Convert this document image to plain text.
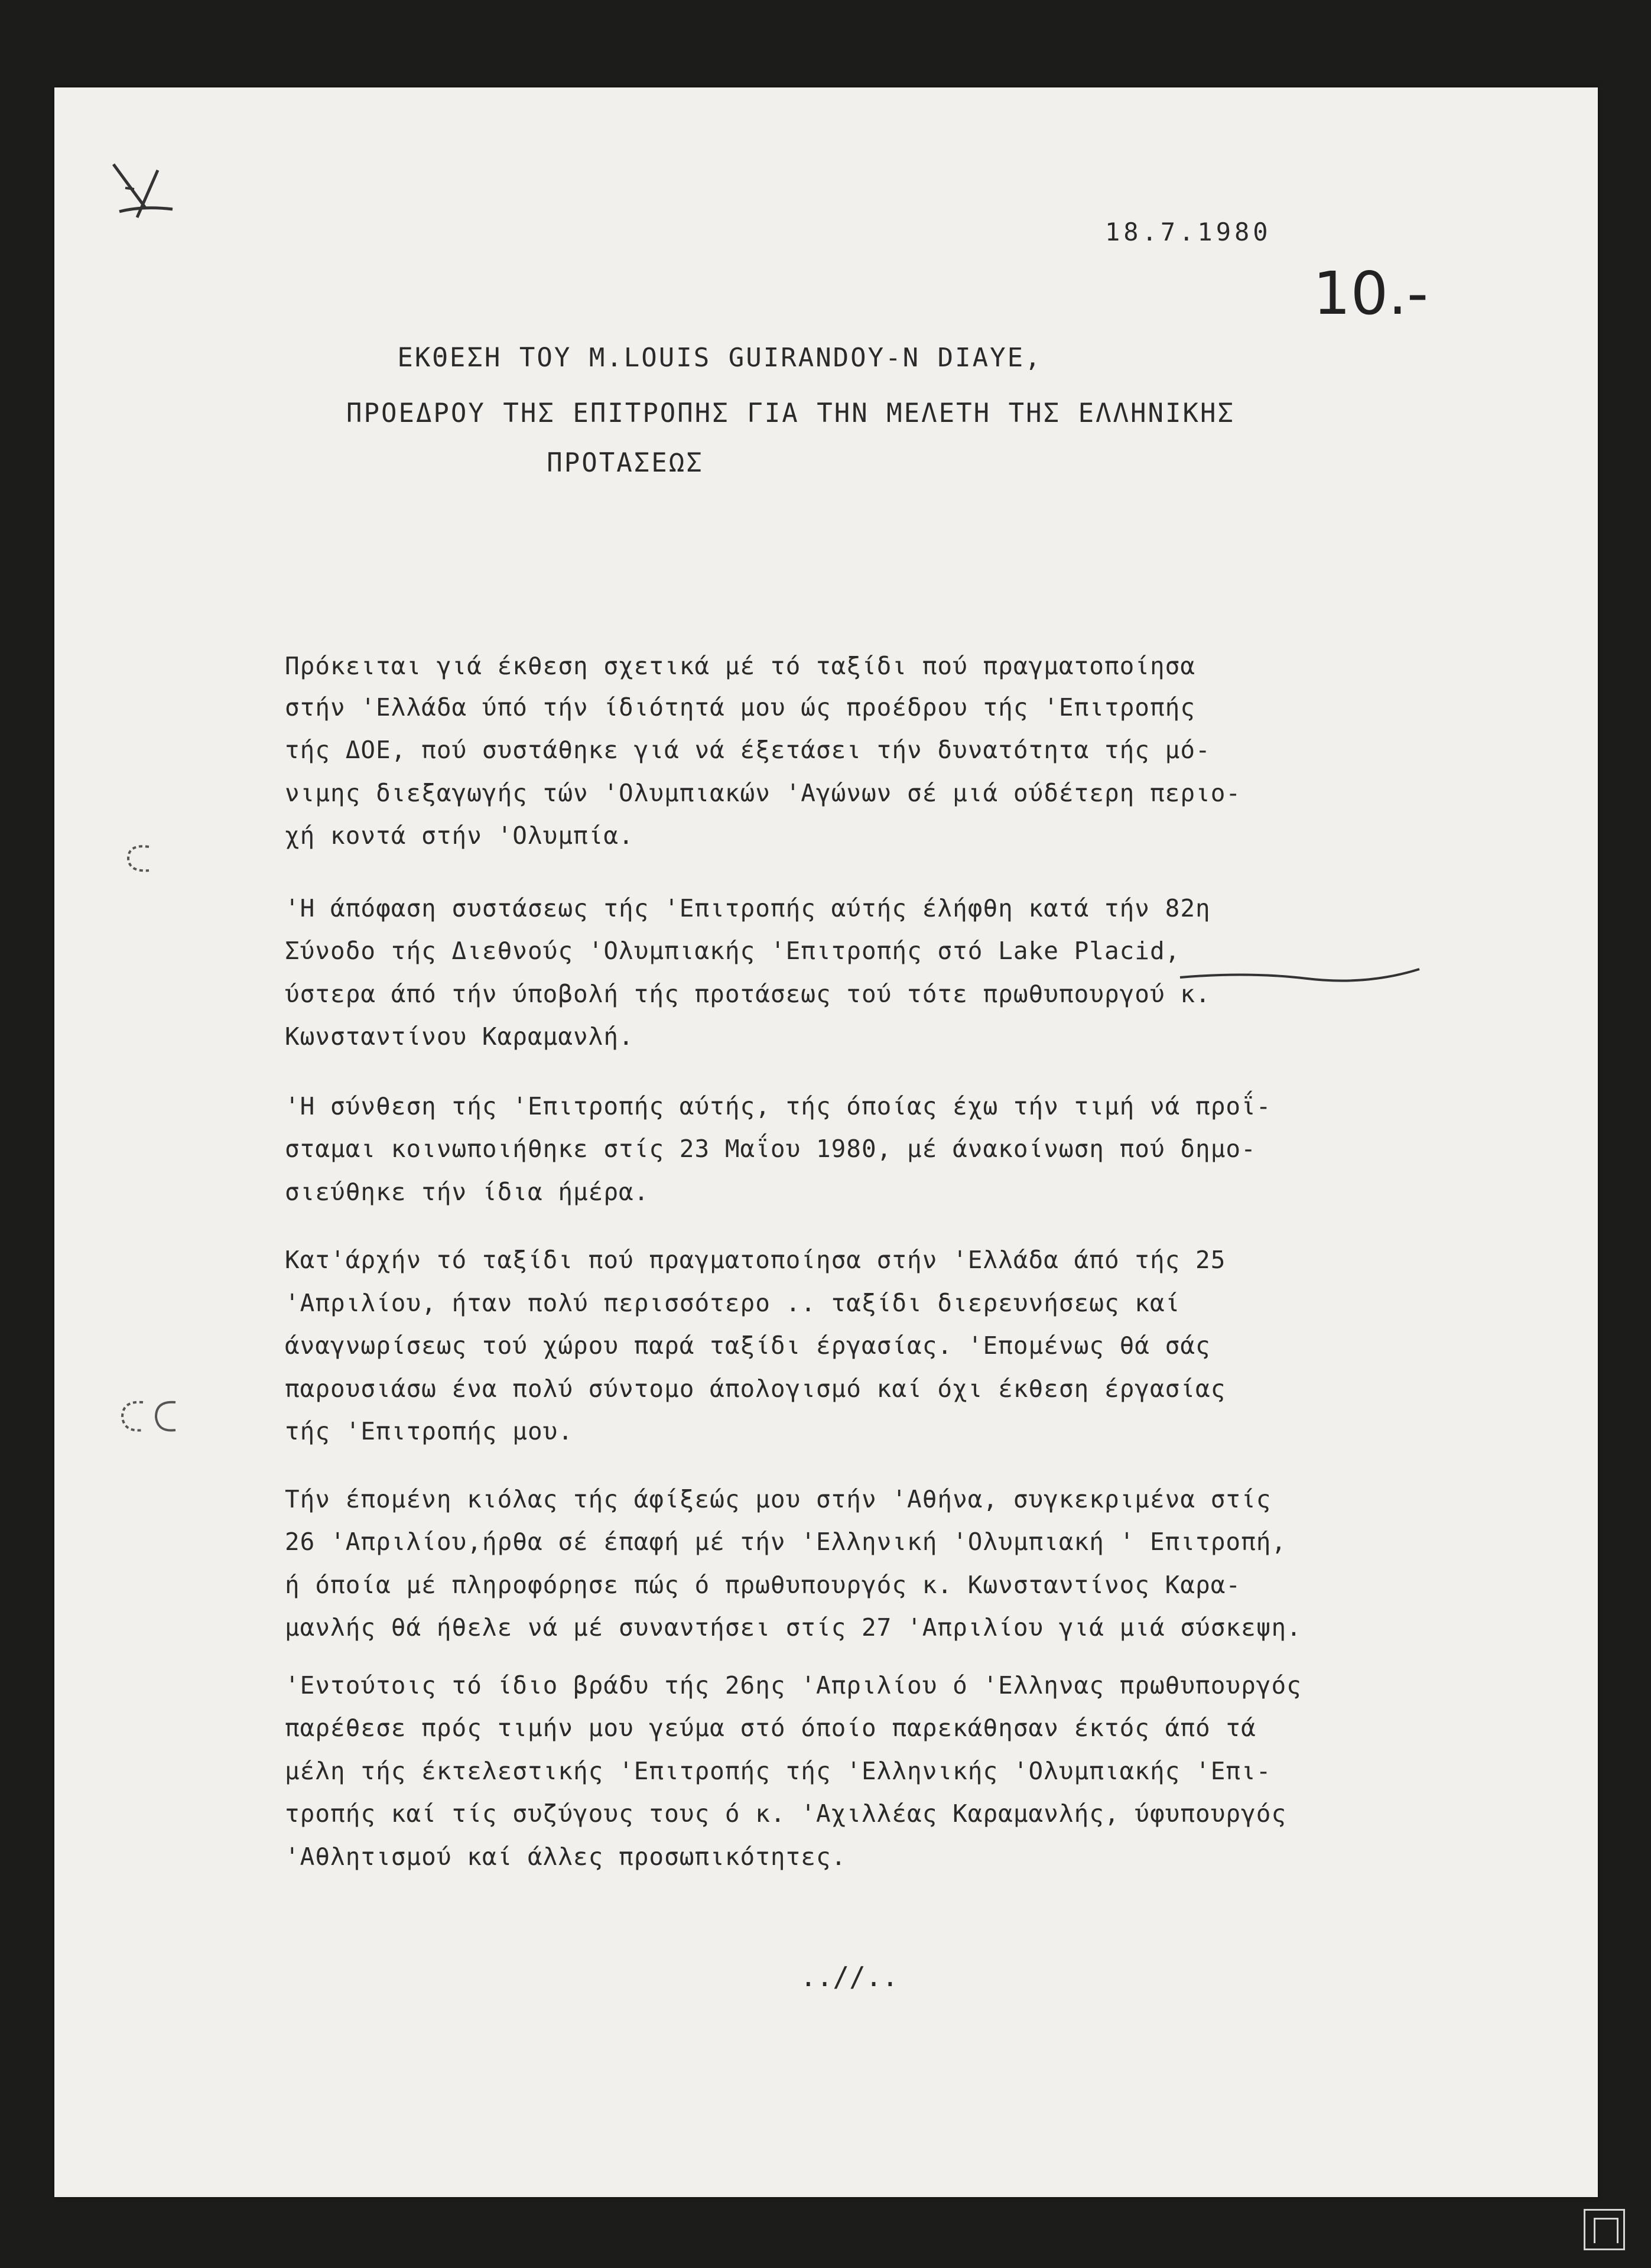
18.7.1980
10.-
ΕΚΘΕΣΗ ΤΟΥ M.LOUIS GUIRANDOY-N DIAYE,
ΠΡΟΕΔΡΟΥ ΤΗΣ ΕΠΙΤΡΟΠΗΣ ΓΙΑ ΤΗΝ ΜΕΛΕΤΗ ΤΗΣ ΕΛΛΗΝΙΚΗΣ
ΠΡΟΤΑΣΕΩΣ
Πρόκειται γιά έκθεση σχετικά μέ τό ταξίδι πού πραγματοποίησα
στήν 'Ελλάδα ύπό τήν ίδιότητά μου ώς προέδρου τής 'Επιτροπής
τής ΔΟΕ, πού συστάθηκε γιά νά έξετάσει τήν δυνατότητα τής μό-
νιμης διεξαγωγής τών 'Ολυμπιακών 'Αγώνων σέ μιά ούδέτερη περιο-
χή κοντά στήν 'Ολυμπία.
'Η άπόφαση συστάσεως τής 'Επιτροπής αύτής έλήφθη κατά τήν 82η
Σύνοδο τής Διεθνούς 'Ολυμπιακής 'Επιτροπής στό Lake Placid,
ύστερα άπό τήν ύποβολή τής προτάσεως τού τότε πρωθυπουργού κ.
Κωνσταντίνου Καραμανλή.
'Η σύνθεση τής 'Επιτροπής αύτής, τής όποίας έχω τήν τιμή νά προΐ-
σταμαι κοινωποιήθηκε στίς 23 Μαΐου 1980, μέ άνακοίνωση πού δημο-
σιεύθηκε τήν ίδια ήμέρα.
Κατ'άρχήν τό ταξίδι πού πραγματοποίησα στήν 'Ελλάδα άπό τής 25
'Απριλίου, ήταν πολύ περισσότερο .. ταξίδι διερευνήσεως καί
άναγνωρίσεως τού χώρου παρά ταξίδι έργασίας. 'Επομένως θά σάς
παρουσιάσω ένα πολύ σύντομο άπολογισμό καί όχι έκθεση έργασίας
τής 'Επιτροπής μου.
Τήν έπομένη κιόλας τής άφίξεώς μου στήν 'Αθήνα, συγκεκριμένα στίς
26 'Απριλίου,ήρθα σέ έπαφή μέ τήν 'Ελληνική 'Ολυμπιακή ' Επιτροπή,
ή όποία μέ πληροφόρησε πώς ό πρωθυπουργός κ. Κωνσταντίνος Καρα-
μανλής θά ήθελε νά μέ συναντήσει στίς 27 'Απριλίου γιά μιά σύσκεψη.
'Εντούτοις τό ίδιο βράδυ τής 26ης 'Απριλίου ό 'Ελληνας πρωθυπουργός
παρέθεσε πρός τιμήν μου γεύμα στό όποίο παρεκάθησαν έκτός άπό τά
μέλη τής έκτελεστικής 'Επιτροπής τής 'Ελληνικής 'Ολυμπιακής 'Επι-
τροπής καί τίς συζύγους τους ό κ. 'Αχιλλέας Καραμανλής, ύφυπουργός
'Αθλητισμού καί άλλες προσωπικότητες.
..//..
